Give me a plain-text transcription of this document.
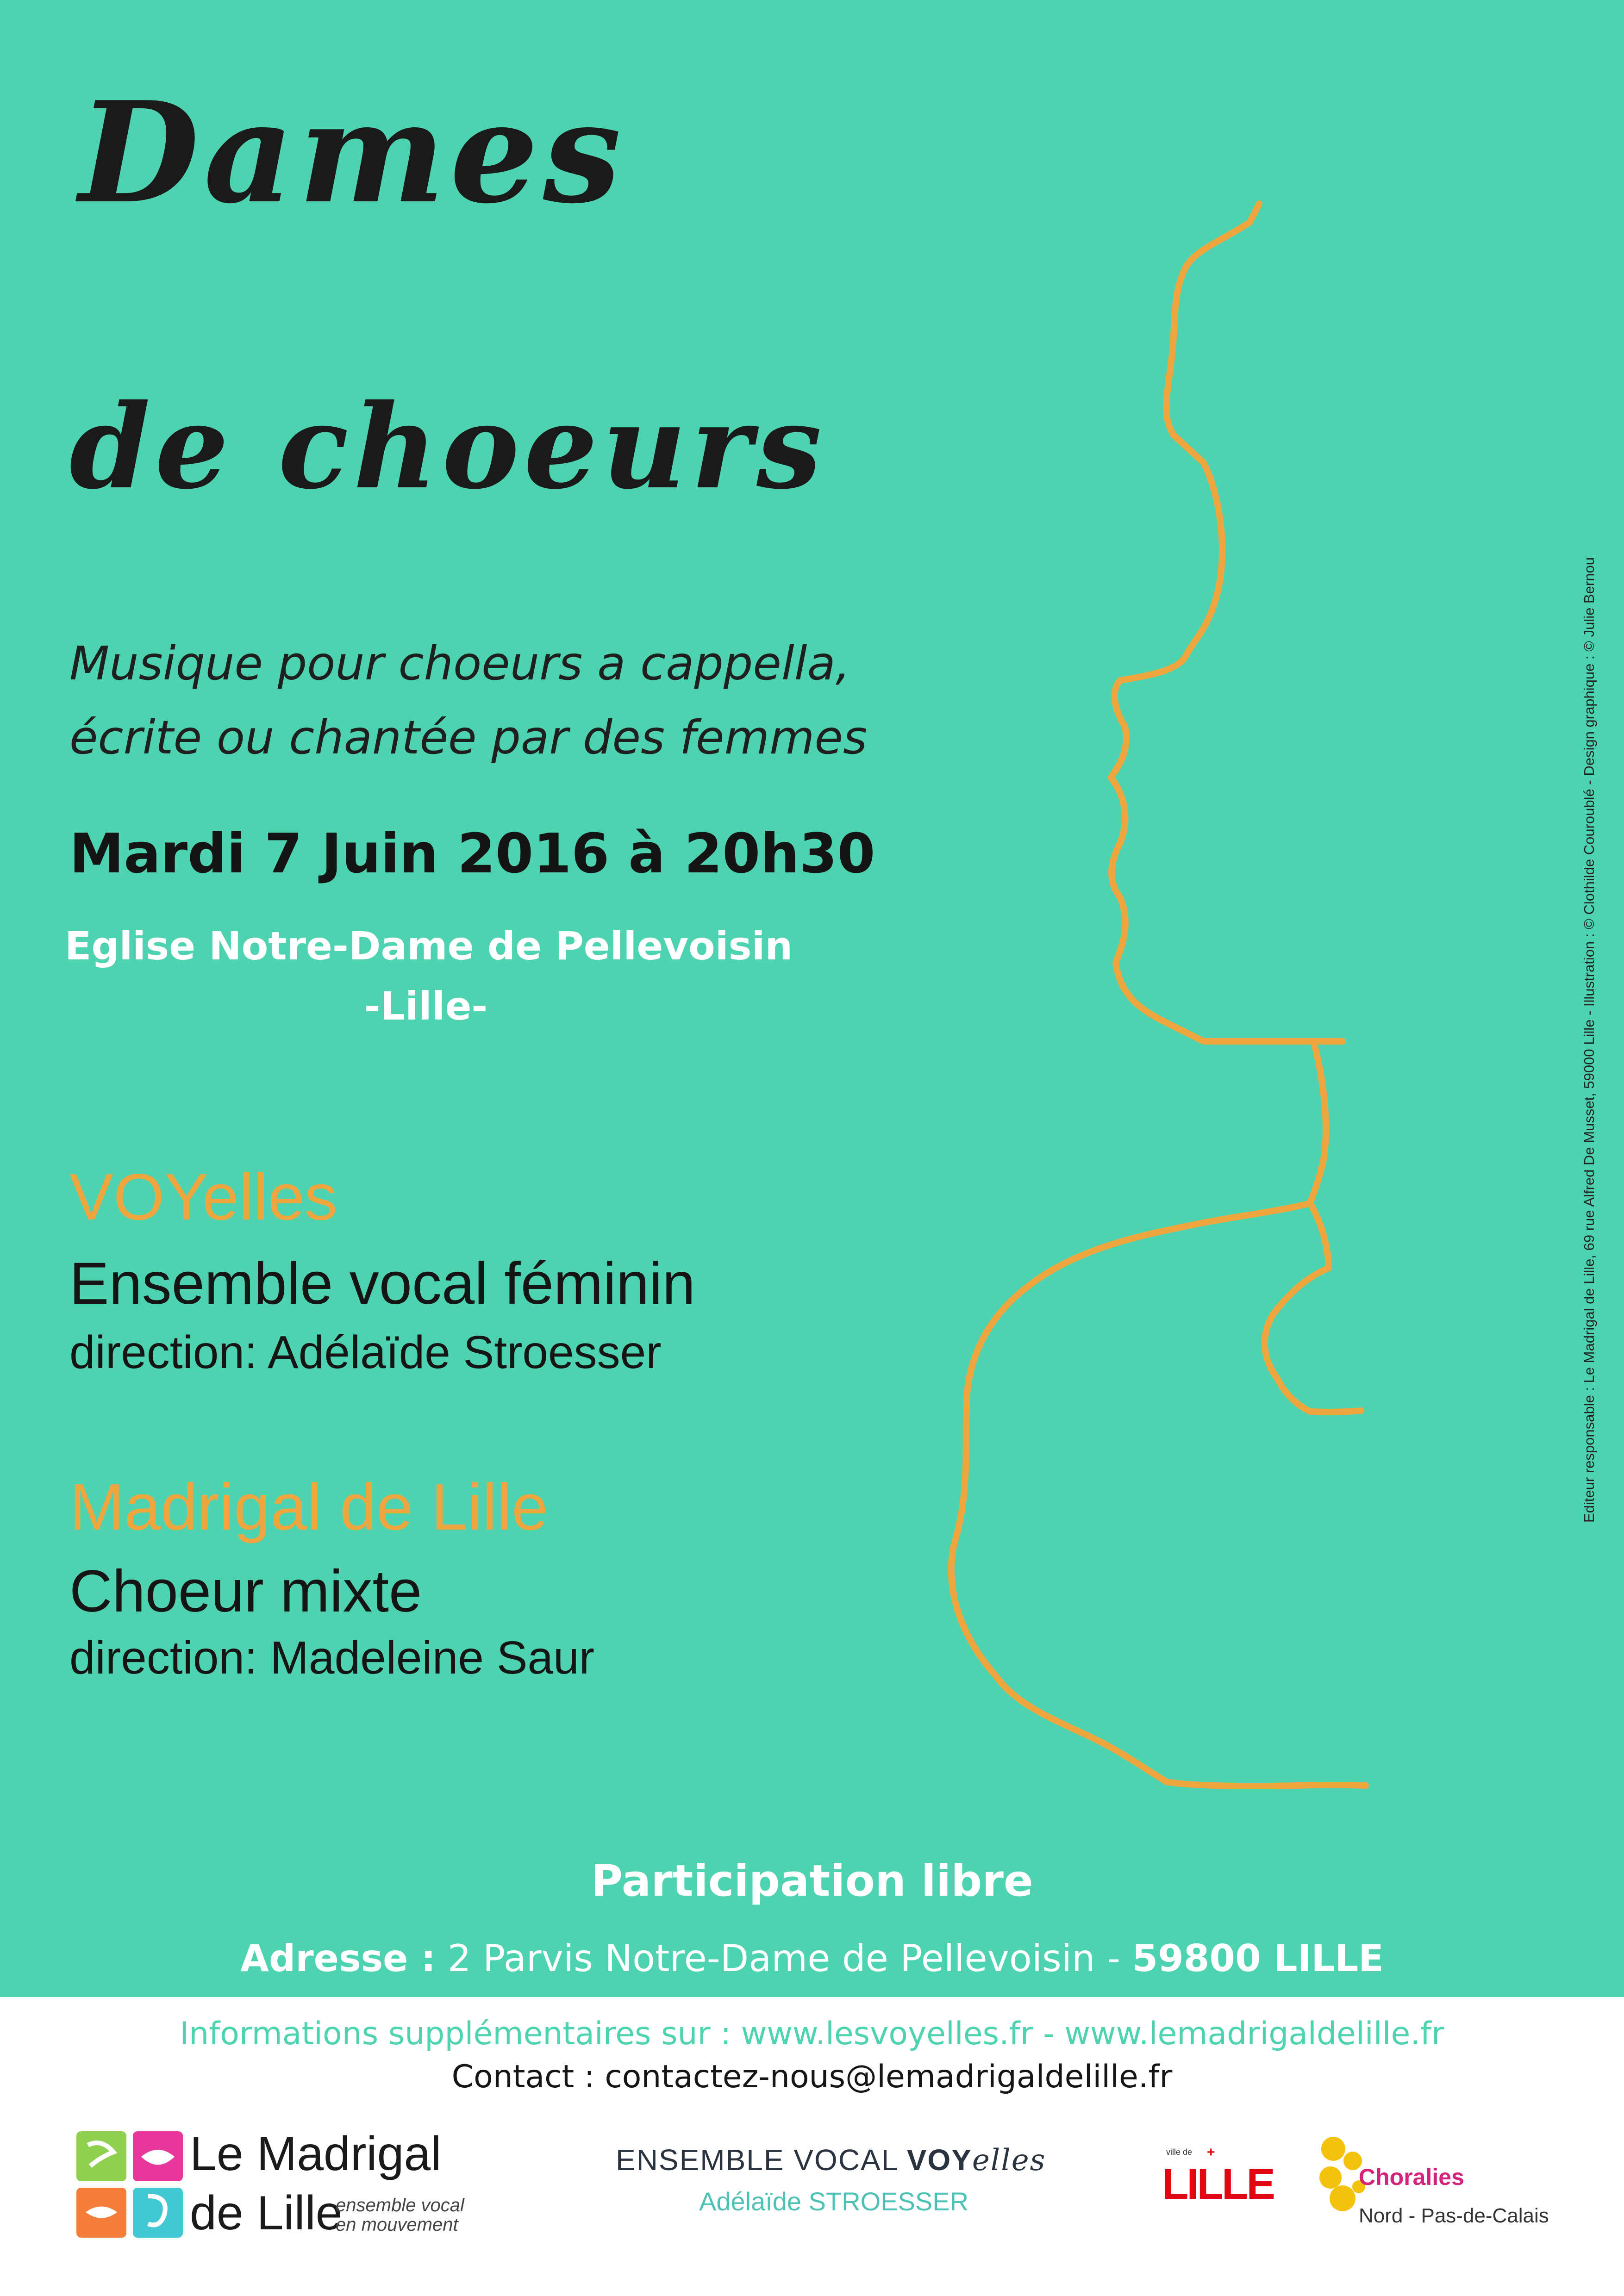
Dames
de choeurs
Musique pour choeurs a cappella,
écrite ou chantée par des femmes
Mardi 7 Juin 2016 à 20h30
Eglise Notre-Dame de Pellevoisin
-Lille-
VOYelles
Ensemble vocal féminin
direction: Adélaïde Stroesser
Madrigal de Lille
Choeur mixte
direction: Madeleine Saur
Participation libre
Adresse : 2 Parvis Notre-Dame de Pellevoisin - 59800 LILLE
Editeur responsable : Le Madrigal de Lille, 69 rue Alfred De Musset, 59000 Lille - Illustration : © Clothilde Couroublé - Design graphique : © Julie Bernou
Informations supplémentaires sur : www.lesvoyelles.fr - www.lemadrigaldelille.fr
Contact : contactez-nous@lemadrigaldelille.fr
Le Madrigal
de Lille
ensemble vocal
en mouvement
ENSEMBLE VOCAL VOYelles
Adélaïde STROESSER
ville de +
LILLE	Choralies
Nord - Pas-de-Calais
